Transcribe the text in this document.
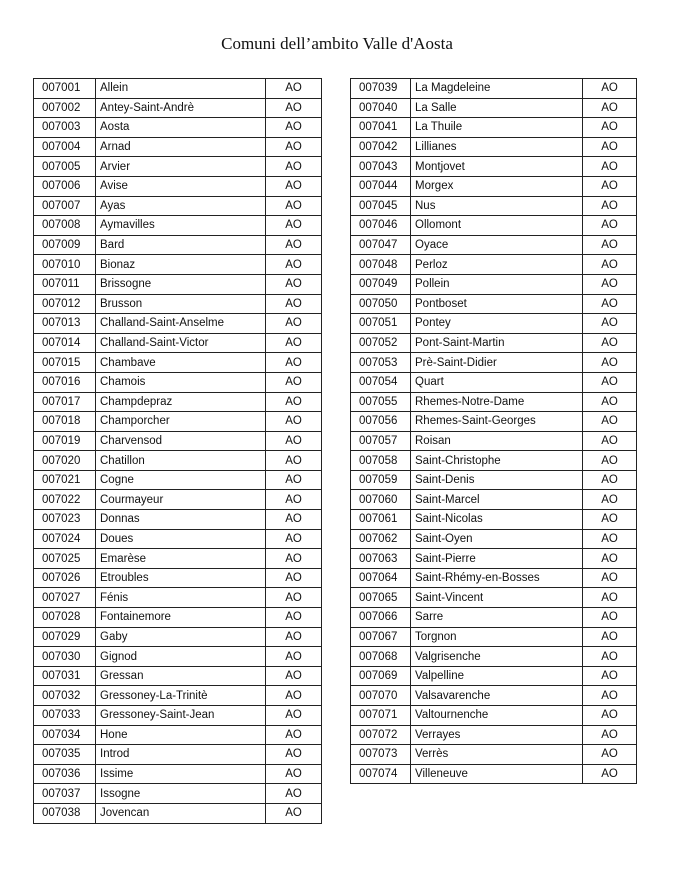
Comuni dell’ambito Valle d'Aosta
007001	Allein	AO
007002	Antey-Saint-Andrè	AO
007003	Aosta	AO
007004	Arnad	AO
007005	Arvier	AO
007006	Avise	AO
007007	Ayas	AO
007008	Aymavilles	AO
007009	Bard	AO
007010	Bionaz	AO
007011	Brissogne	AO
007012	Brusson	AO
007013	Challand-Saint-Anselme	AO
007014	Challand-Saint-Victor	AO
007015	Chambave	AO
007016	Chamois	AO
007017	Champdepraz	AO
007018	Champorcher	AO
007019	Charvensod	AO
007020	Chatillon	AO
007021	Cogne	AO
007022	Courmayeur	AO
007023	Donnas	AO
007024	Doues	AO
007025	Emarèse	AO
007026	Etroubles	AO
007027	Fénis	AO
007028	Fontainemore	AO
007029	Gaby	AO
007030	Gignod	AO
007031	Gressan	AO
007032	Gressoney-La-Trinitè	AO
007033	Gressoney-Saint-Jean	AO
007034	Hone	AO
007035	Introd	AO
007036	Issime	AO
007037	Issogne	AO
007038	Jovencan	AO
007039	La Magdeleine	AO
007040	La Salle	AO
007041	La Thuile	AO
007042	Lillianes	AO
007043	Montjovet	AO
007044	Morgex	AO
007045	Nus	AO
007046	Ollomont	AO
007047	Oyace	AO
007048	Perloz	AO
007049	Pollein	AO
007050	Pontboset	AO
007051	Pontey	AO
007052	Pont-Saint-Martin	AO
007053	Prè-Saint-Didier	AO
007054	Quart	AO
007055	Rhemes-Notre-Dame	AO
007056	Rhemes-Saint-Georges	AO
007057	Roisan	AO
007058	Saint-Christophe	AO
007059	Saint-Denis	AO
007060	Saint-Marcel	AO
007061	Saint-Nicolas	AO
007062	Saint-Oyen	AO
007063	Saint-Pierre	AO
007064	Saint-Rhémy-en-Bosses	AO
007065	Saint-Vincent	AO
007066	Sarre	AO
007067	Torgnon	AO
007068	Valgrisenche	AO
007069	Valpelline	AO
007070	Valsavarenche	AO
007071	Valtournenche	AO
007072	Verrayes	AO
007073	Verrès	AO
007074	Villeneuve	AO
